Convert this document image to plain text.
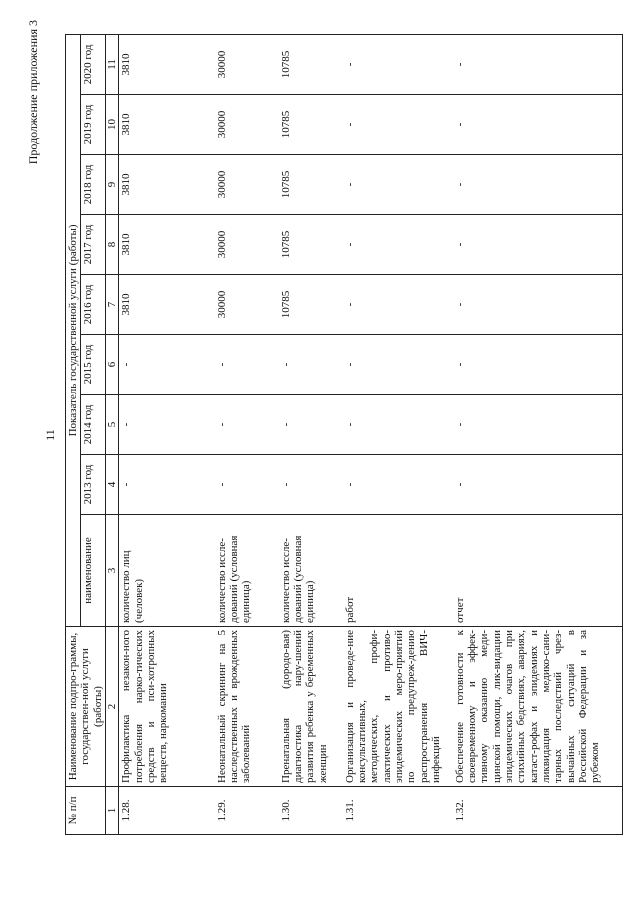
11
Продолжение приложения 3
№ п/п	Наименование подпро-граммы, государствен-ной услуги (работы)	Показатель государственной услуги (работы)								
		наименование	2013 год	2014 год	2015 год	2016 год	2017 год	2018 год	2019 год	2020 год

1	2	3	4	5	6	7	8	9	10	11
1.28.	Профилактика незакон-ного потребления нарко-тических средств и пси-хотропных веществ, наркомании	количество лиц (человек)	-	-	-	3810	3810	3810	3810	3810
1.29.	Неонатальный скрининг на 5 наследственных и врожденных заболеваний	количество иссле-дований (условная единица)	-	-	-	30000	30000	30000	30000	30000
1.30.	Пренатальная (дородо-вая) диагностика нару-шений развития ребенка у беременных женщин	количество иссле-дований (условная единица)	-	-	-	10785	10785	10785	10785	10785
1.31.	Организация и проведе-ние консультативных, методических, профи-лактических и противо-эпидемических меро-приятий по предупреж-дению распространения ВИЧ-инфекций	работ	-	-	-	-	-	-	-	-
1.32.	Обеспечение готовности к своевременному и эффек-тивному оказанию меди-цинской помощи, лик-видации эпидемических очагов при стихийных бедствиях, авариях, катаст-рофах и эпидемиях и ликвидация медико-сани-тарных последствий чрез-вычайных ситуаций в Российской Федерации и за рубежом	отчет	-	-	-	-	-	-	-	-
